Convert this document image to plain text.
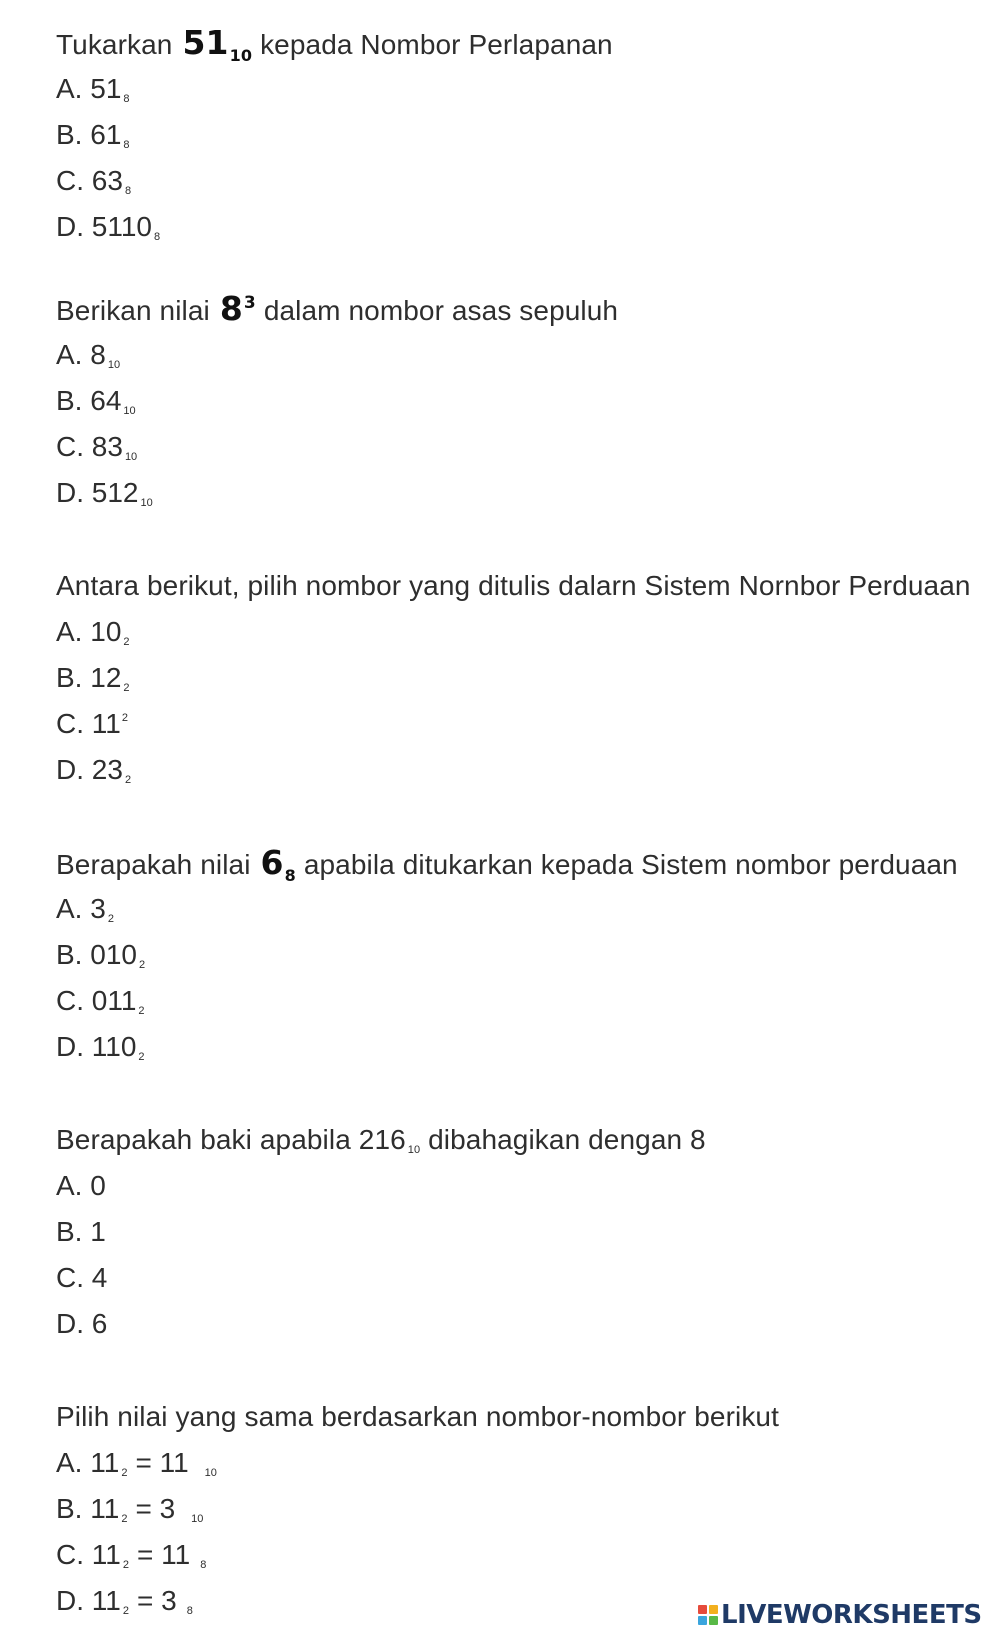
Tukarkan $51_{10}$ kepada Nombor Perlapanan
A. 51 8
B. 61 8
C. 63 8
D. 5110 8
Berikan nilai $8^3$ dalam nombor asas sepuluh
A. 8 10
B. 64 10
C. 83 10
D. 512 10
Antara berikut, pilih nombor yang ditulis dalarn Sistem Nornbor Perduaan
A. 10 2
B. 12 2
C. $11^2$
D. 23 2
Berapakah nilai $6_8$ apabila ditukarkan kepada Sistem nombor perduaan
A. 3 2
B. 010 2
C. 011 2
D. 110 2
Berapakah baki apabila 216 10 dibahagikan dengan 8
A. 0
B. 1
C. 4
D. 6
Pilih nilai yang sama berdasarkan nombor-nombor berikut
A. 11 2 = 11 10
B. 11 2 = 3 10
C. 11 2 = 11 8
D. 11 2 = 3 8	LIVEWORKSHEETS
